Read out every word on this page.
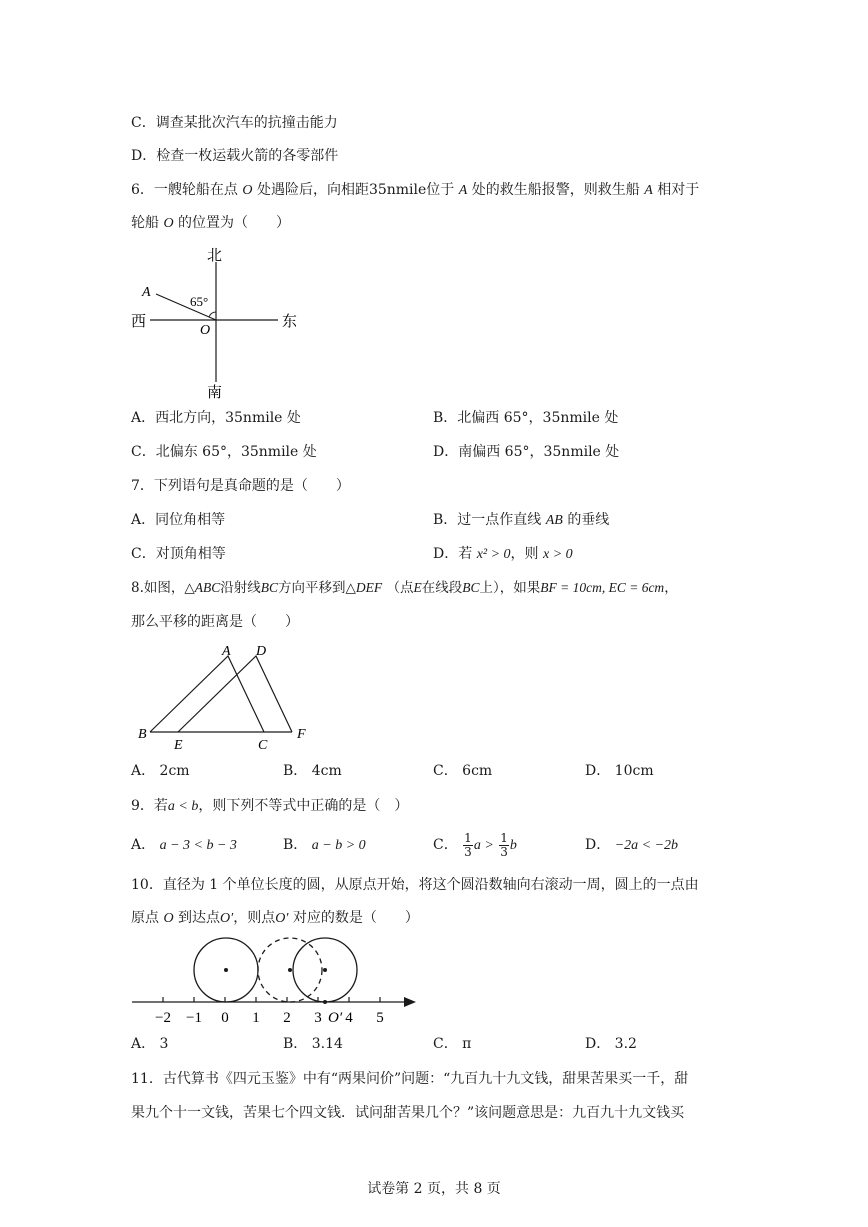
C．调查某批次汽车的抗撞击能力
D．检查一枚运载火箭的各零部件
6．一艘轮船在点 O 处遇险后，向相距35nmile位于 A 处的救生船报警，则救生船 A 相对于
轮船 O 的位置为（　　）
北
南
西	东
A
O
65°
A．西北方向，35nmile 处	B．北偏西 65°，35nmile 处
C．北偏东 65°，35nmile 处	D．南偏西 65°，35nmile 处
7．下列语句是真命题的是（　　）
A．同位角相等	B．过一点作直线 AB 的垂线
C．对顶角相等	D．若 x² > 0，则 x > 0
8.如图，△ABC沿射线BC方向平移到△DEF （点E在线段BC上），如果BF = 10cm, EC = 6cm，
那么平移的距离是（　　）
A D
B
E	C
F
A． 2cm	B． 4cm	C． 6cm	D． 10cm
9．若a < b，则下列不等式中正确的是（　）
A． a − 3 < b − 3	B． a − b > 0	C． $\frac{1}{3}$ $a > \frac{1}{3}$ b	D． −2a < −2b
10．直径为 1 个单位长度的圆，从原点开始，将这个圆沿数轴向右滚动一周，圆上的一点由
原点 O 到达点O′，则点O′ 对应的数是（　　）
−2 −1 0 1 2 3 4 5
O′
A． 3	B． 3.14	C． π	D． 3.2
11．古代算书《四元玉鉴》中有“两果问价”问题：“九百九十九文钱，甜果苦果买一千，甜
果九个十一文钱，苦果七个四文钱．试问甜苦果几个？”该问题意思是：九百九十九文钱买
试卷第 2 页，共 8 页
